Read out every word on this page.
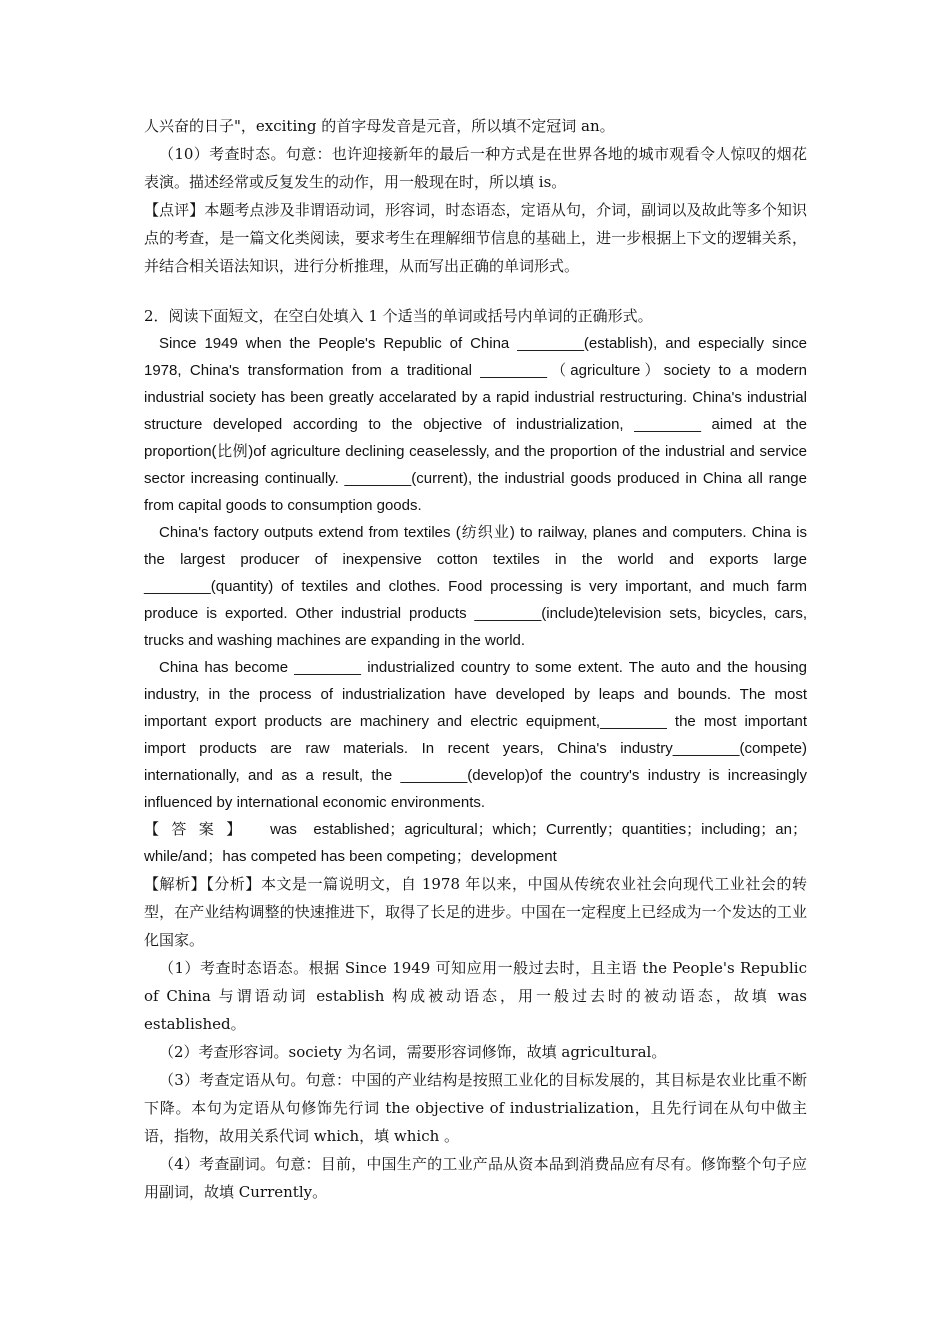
人兴奋的日子"，exciting 的首字母发音是元音，所以填不定冠词 an。

（10）考查时态。句意：也许迎接新年的最后一种方式是在世界各地的城市观看令人惊叹的烟花表演。描述经常或反复发生的动作，用一般现在时，所以填 is。

【点评】本题考点涉及非谓语动词，形容词，时态语态，定语从句，介词，副词以及故此等多个知识点的考查，是一篇文化类阅读，要求考生在理解细节信息的基础上，进一步根据上下文的逻辑关系，并结合相关语法知识，进行分析推理，从而写出正确的单词形式。

2．阅读下面短文，在空白处填入 1 个适当的单词或括号内单词的正确形式。

Since 1949 when the People's Republic of China ________(establish), and especially since 1978, China's transformation from a traditional ________（agriculture）society to a modern industrial society has been greatly accelarated by a rapid industrial restructuring. China's industrial structure developed according to the objective of industrialization, ________ aimed at the proportion(比例)of agriculture declining ceaselessly, and the proportion of the industrial and service sector increasing continually. ________(current), the industrial goods produced in China all range from capital goods to consumption goods.

China's factory outputs extend from textiles (纺织业) to railway, planes and computers. China is the largest producer of inexpensive cotton textiles in the world and exports large ________(quantity) of textiles and clothes. Food processing is very important, and much farm produce is exported. Other industrial products ________(include)television sets, bicycles, cars, trucks and washing machines are expanding in the world.

China has become ________ industrialized country to some extent. The auto and the housing industry, in the process of industrialization have developed by leaps and bounds. The most important export products are machinery and electric equipment,________ the most important import products are raw materials. In recent years, China's industry________(compete) internationally, and as a result, the ________(develop)of the country's industry is increasingly influenced by international economic environments.

【答案】 was established；agricultural；which；Currently；quantities；including；an；while/and；has competed has been competing；development

【解析】【分析】本文是一篇说明文，自 1978 年以来，中国从传统农业社会向现代工业社会的转型，在产业结构调整的快速推进下，取得了长足的进步。中国在一定程度上已经成为一个发达的工业化国家。

（1）考查时态语态。根据 Since 1949 可知应用一般过去时，且主语 the People's Republic of China 与谓语动词 establish 构成被动语态，用一般过去时的被动语态，故填 was established。

（2）考查形容词。society 为名词，需要形容词修饰，故填 agricultural。

（3）考查定语从句。句意：中国的产业结构是按照工业化的目标发展的，其目标是农业比重不断下降。本句为定语从句修饰先行词 the objective of industrialization，且先行词在从句中做主语，指物，故用关系代词 which，填 which 。

（4）考查副词。句意：目前，中国生产的工业产品从资本品到消费品应有尽有。修饰整个句子应用副词，故填 Currently。
